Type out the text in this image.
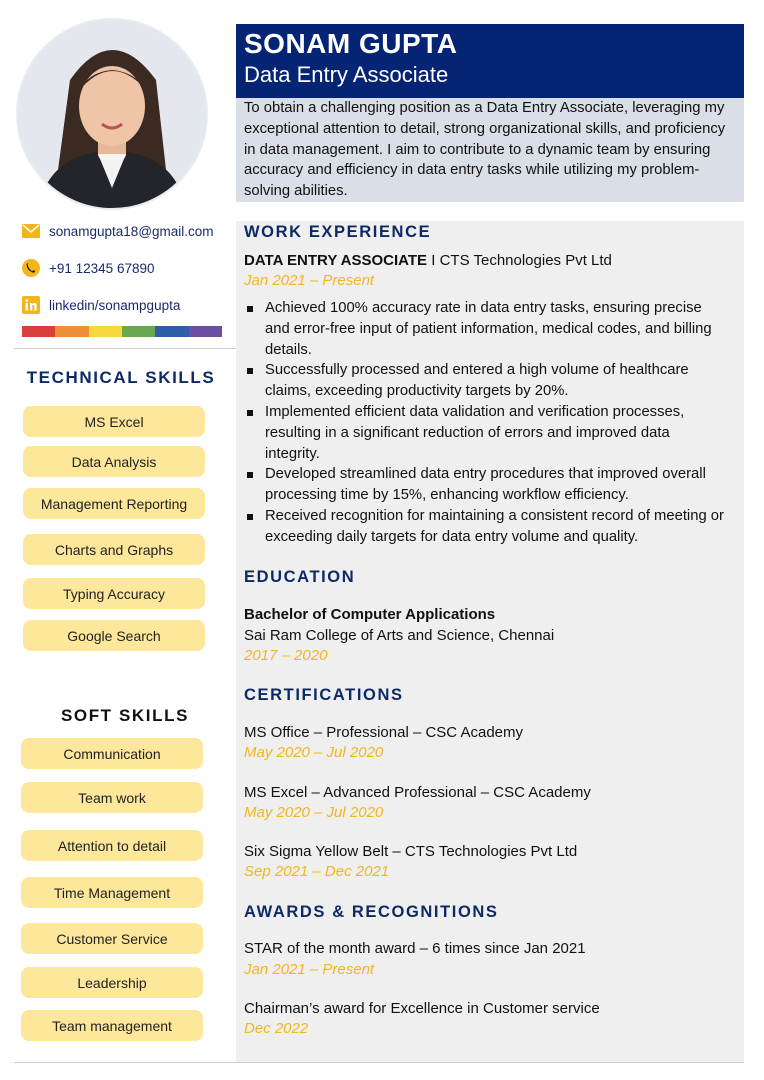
sonamgupta18@gmail.com
+91 12345 67890
linkedin/sonampgupta
TECHNICAL SKILLS
MS Excel
Data Analysis
Management Reporting
Charts and Graphs
Typing Accuracy
Google Search
SOFT SKILLS
Communication
Team work
Attention to detail
Time Management
Customer Service
Leadership
Team management
SONAM GUPTA
Data Entry Associate
To obtain a challenging position as a Data Entry Associate, leveraging my exceptional attention to detail, strong organizational skills, and proficiency in data management. I aim to contribute to a dynamic team by ensuring accuracy and efficiency in data entry tasks while utilizing my problem-solving abilities.
WORK EXPERIENCE
DATA ENTRY ASSOCIATE I CTS Technologies Pvt Ltd
Jan 2021 – Present
Achieved 100% accuracy rate in data entry tasks, ensuring precise and error-free input of patient information, medical codes, and billing details.
Successfully processed and entered a high volume of healthcare claims, exceeding productivity targets by 20%.
Implemented efficient data validation and verification processes, resulting in a significant reduction of errors and improved data integrity.
Developed streamlined data entry procedures that improved overall processing time by 15%, enhancing workflow efficiency.
Received recognition for maintaining a consistent record of meeting or exceeding daily targets for data entry volume and quality.
EDUCATION
Bachelor of Computer Applications
Sai Ram College of Arts and Science, Chennai
2017 – 2020
CERTIFICATIONS
MS Office – Professional – CSC Academy
May 2020 – Jul 2020
MS Excel – Advanced Professional – CSC Academy
May 2020 – Jul 2020
Six Sigma Yellow Belt – CTS Technologies Pvt Ltd
Sep 2021 – Dec 2021
AWARDS & RECOGNITIONS
STAR of the month award – 6 times since Jan 2021
Jan 2021 – Present
Chairman’s award for Excellence in Customer service
Dec 2022
